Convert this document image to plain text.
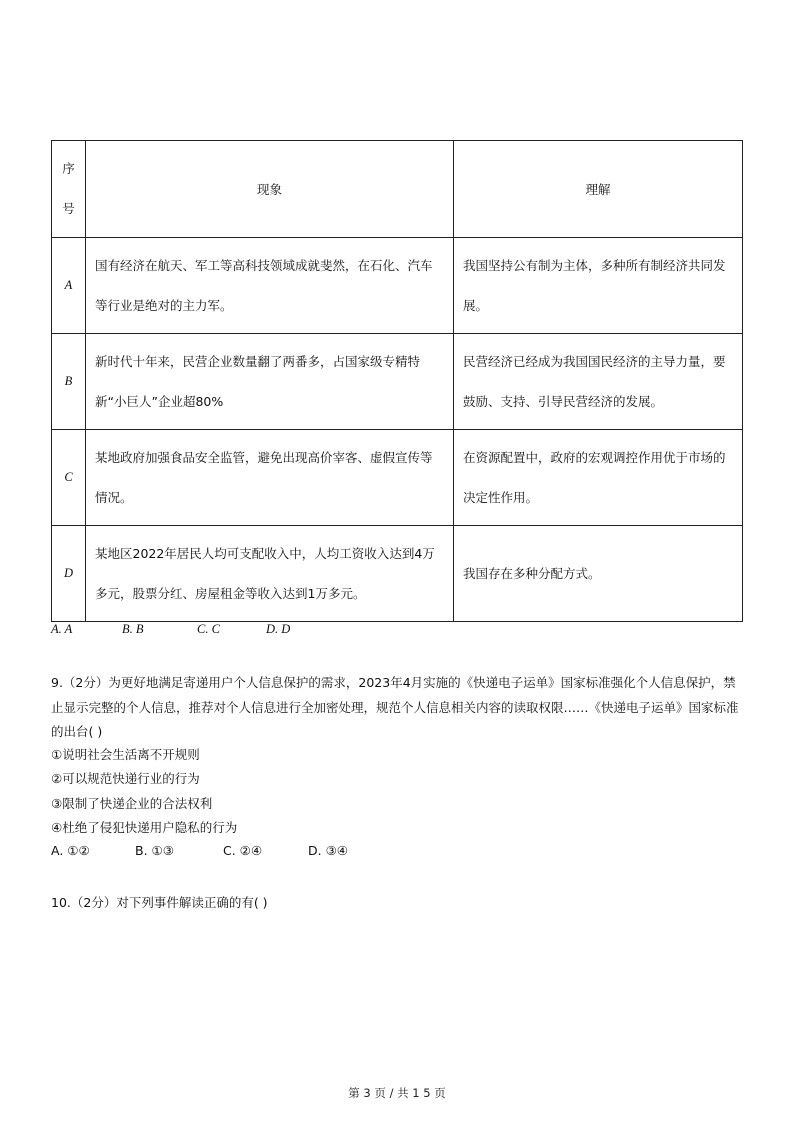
序
号	现象	理解
A	国有经济在航天、军工等高科技领域成就斐然，在石化、汽车等行业是绝对的主力军。	我国坚持公有制为主体，多种所有制经济共同发展。

B	新时代十年来，民营企业数量翻了两番多，占国家级专精特新“小巨人”企业超80%	民营经济已经成为我国国民经济的主导力量，要鼓励、支持、引导民营经济的发展。

C	某地政府加强食品安全监管，避免出现高价宰客、虚假宣传等情况。	在资源配置中，政府的宏观调控作用优于市场的决定性作用。

D	某地区2022年居民人均可支配收入中，人均工资收入达到4万多元，股票分红、房屋租金等收入达到1万多元。	我国存在多种分配方式。
A. A	B. B	C. C	D. D
9.（2分）为更好地满足寄递用户个人信息保护的需求，2023年4月实施的《快递电子运单》国家标准强化个人信息保护，禁止显示完整的个人信息，推荐对个人信息进行全加密处理，规范个人信息相关内容的读取权限……《快递电子运单》国家标准的出台( )
①说明社会生活离不开规则
②可以规范快递行业的行为
③限制了快递企业的合法权利
④杜绝了侵犯快递用户隐私的行为
A. ①②	B. ①③	C. ②④	D. ③④
10.（2分）对下列事件解读正确的有( )
第 3 页 / 共 1 5 页
